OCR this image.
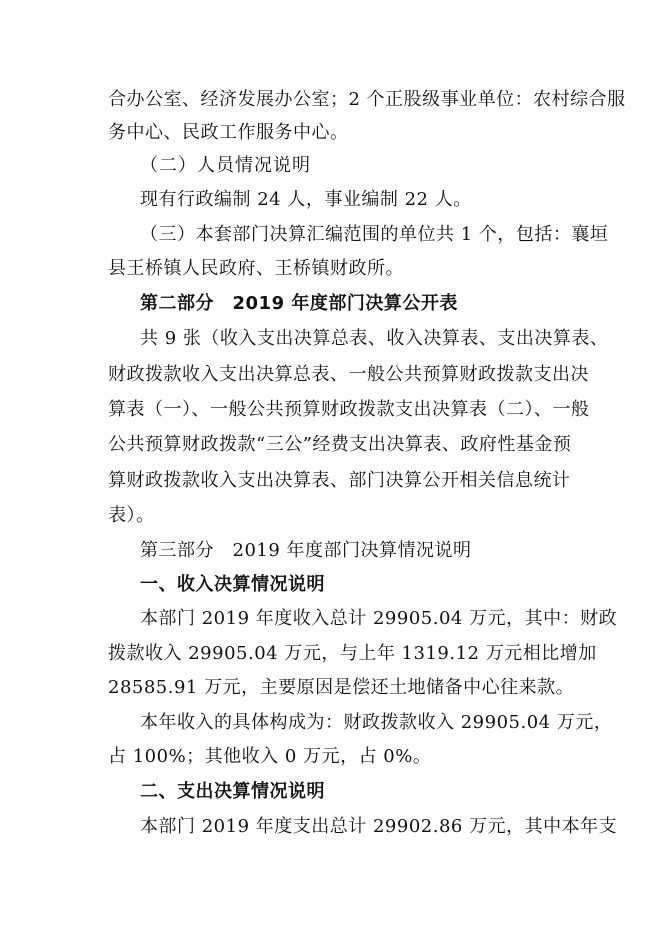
合办公室、经济发展办公室；2 个正股级事业单位：农村综合服
务中心、民政工作服务中心。
（二）人员情况说明
现有行政编制 24 人，事业编制 22 人。
（三）本套部门决算汇编范围的单位共 1 个，包括：襄垣
县王桥镇人民政府、王桥镇财政所。
第二部分　2019 年度部门决算公开表
共 9 张（收入支出决算总表、收入决算表、支出决算表、
财政拨款收入支出决算总表、一般公共预算财政拨款支出决
算表（一）、一般公共预算财政拨款支出决算表（二）、一般
公共预算财政拨款“三公”经费支出决算表、政府性基金预
算财政拨款收入支出决算表、部门决算公开相关信息统计
表）。
第三部分　2019 年度部门决算情况说明
一、收入决算情况说明
本部门 2019 年度收入总计 29905.04 万元，其中：财政
拨款收入 29905.04 万元，与上年 1319.12 万元相比增加
28585.91 万元，主要原因是偿还土地储备中心往来款。
本年收入的具体构成为：财政拨款收入 29905.04 万元，
占 100%；其他收入 0 万元，占 0%。
二、支出决算情况说明
本部门 2019 年度支出总计 29902.86 万元，其中本年支
